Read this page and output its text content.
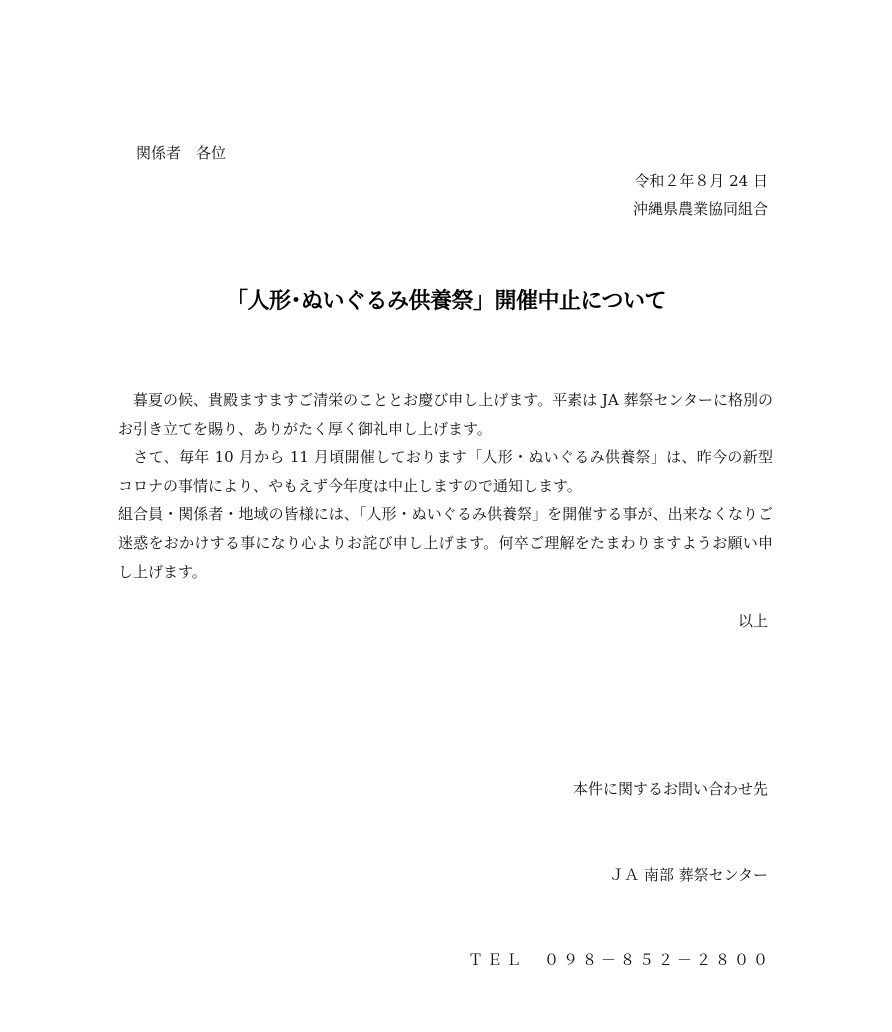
関係者　各位
令和２年８月 24 日
沖縄県農業協同組合
「人形･ぬいぐるみ供養祭」開催中止について

　暮夏の候、貴殿ますますご清栄のこととお慶び申し上げます。平素は JA 葬祭センターに格別のお引き立てを賜り、ありがたく厚く御礼申し上げます。

　さて、毎年 10 月から 11 月頃開催しております「人形・ぬいぐるみ供養祭」は、昨今の新型コロナの事情により、やもえず今年度は中止しますので通知します。

組合員・関係者・地域の皆様には、「人形・ぬいぐるみ供養祭」を開催する事が、出来なくなりご迷惑をおかけする事になり心よりお詫び申し上げます。何卒ご理解をたまわりますようお願い申し上げます。

以上

本件に関するお問い合わせ先

ＪＡ 南部 葬祭センター

ＴＥＬ　０９８－８５２－２８００
